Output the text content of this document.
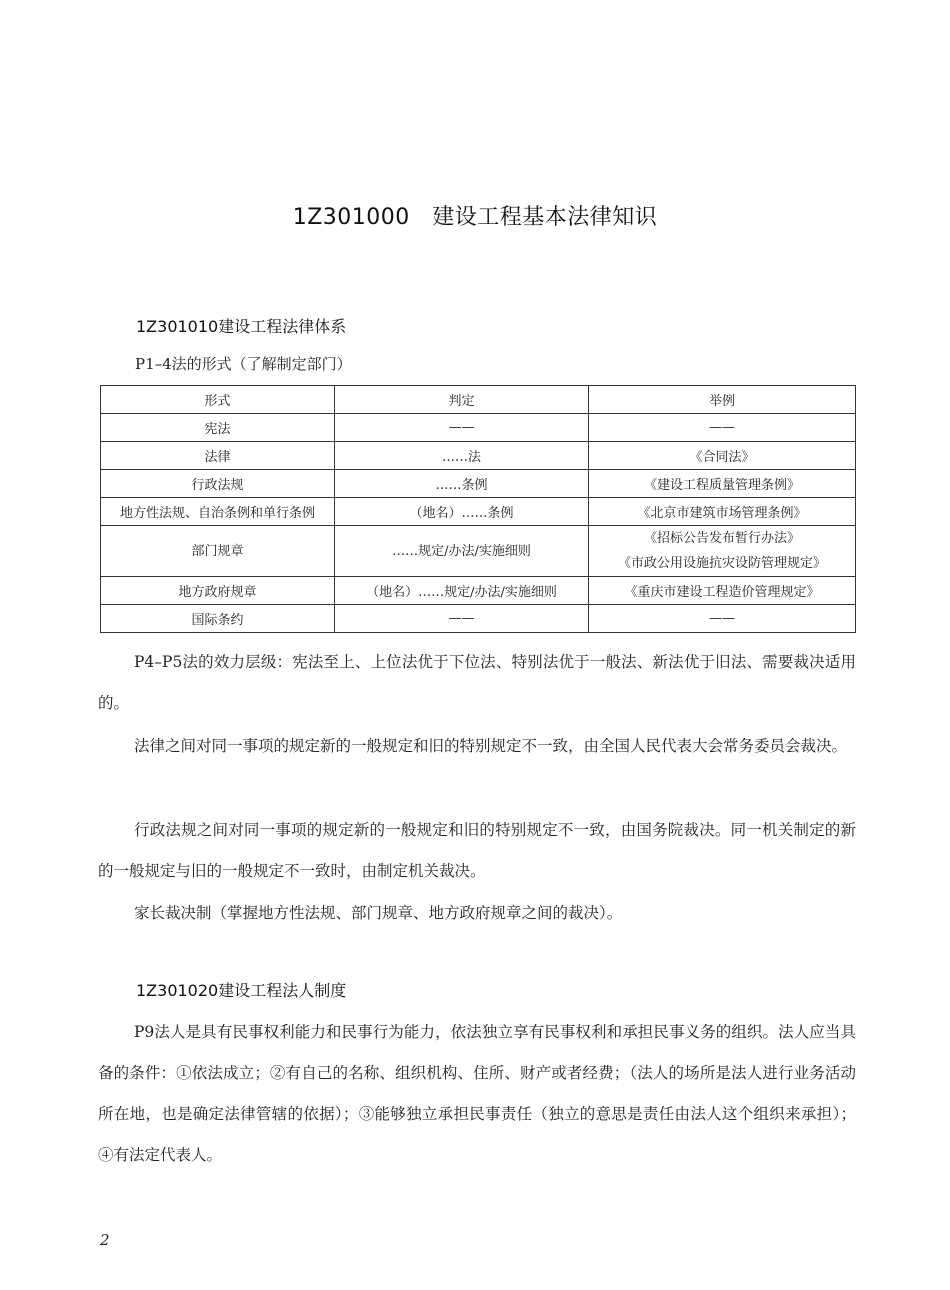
1Z301000　建设工程基本法律知识
1Z301010建设工程法律体系
P1–4法的形式（了解制定部门）
形式	判定	举例
宪法	——	——
法律	……法	《合同法》
行政法规	……条例	《建设工程质量管理条例》
地方性法规、自治条例和单行条例	（地名）……条例	《北京市建筑市场管理条例》
部门规章	……规定/办法/实施细则	《招标公告发布暂行办法》
《市政公用设施抗灾设防管理规定》

地方政府规章	（地名）……规定/办法/实施细则	《重庆市建设工程造价管理规定》
国际条约	——	——

P4–P5法的效力层级：宪法至上、上位法优于下位法、特别法优于一般法、新法优于旧法、需要裁决适用的。

法律之间对同一事项的规定新的一般规定和旧的特别规定不一致，由全国人民代表大会常务委员会裁决。

行政法规之间对同一事项的规定新的一般规定和旧的特别规定不一致，由国务院裁决。同一机关制定的新的一般规定与旧的一般规定不一致时，由制定机关裁决。

家长裁决制（掌握地方性法规、部门规章、地方政府规章之间的裁决）。

1Z301020建设工程法人制度

P9法人是具有民事权利能力和民事行为能力，依法独立享有民事权利和承担民事义务的组织。法人应当具备的条件：①依法成立；②有自己的名称、组织机构、住所、财产或者经费；（法人的场所是法人进行业务活动所在地，也是确定法律管辖的依据）；③能够独立承担民事责任（独立的意思是责任由法人这个组织来承担）；④有法定代表人。

2
